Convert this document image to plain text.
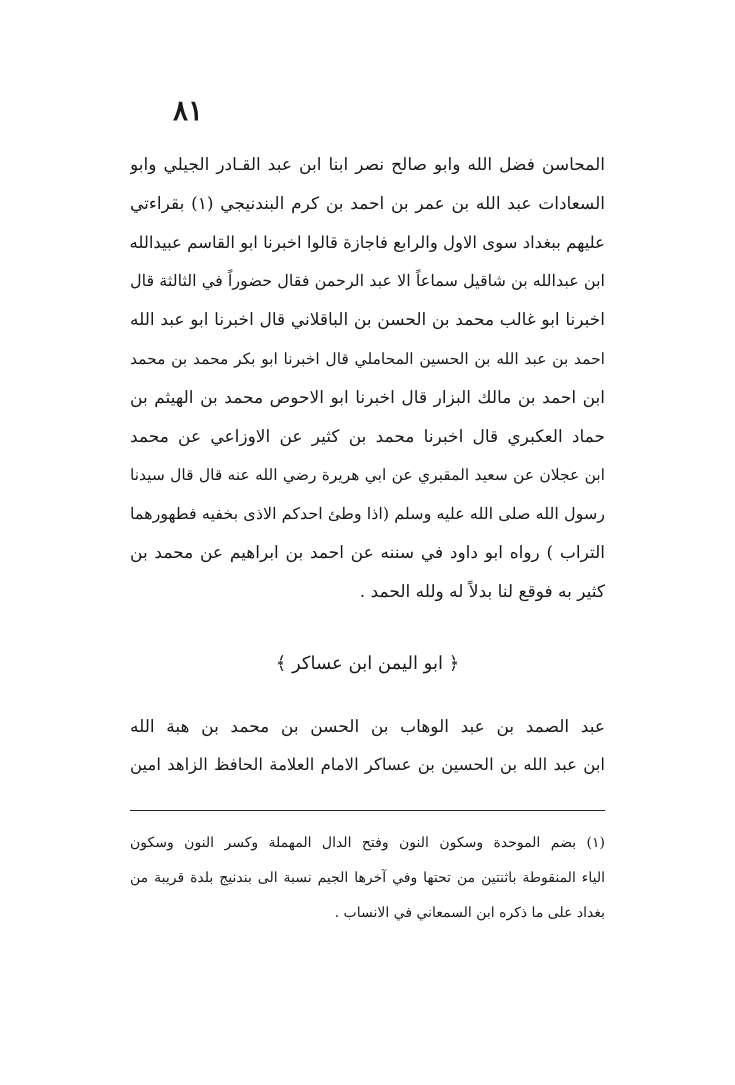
٨١
المحاسن فضل الله وابو صالح نصر ابنا ابن عبد القـادر الجيلي وابو
السعادات عبد الله بن عمر بن احمد بن كرم البندنيجي (١) بقراءتي
عليهم ببغداد سوى الاول والرابع فاجازة قالوا اخبرنا ابو القاسم عبيدالله
ابن عبدالله بن شاقيل سماعاً الا عبد الرحمن فقال حضوراً في الثالثة قال
اخبرنا ابو غالب محمد بن الحسن بن الباقلاني قال اخبرنا ابو عبد الله
احمد بن عبد الله بن الحسين المحاملي قال اخبرنا ابو بكر محمد بن محمد
ابن احمد بن مالك البزار قال اخبرنا ابو الاحوص محمد بن الهيثم بن
حماد العكبري قال اخبرنا محمد بن كثير عن الاوزاعي عن محمد
ابن عجلان عن سعيد المقبري عن ابي هريرة رضي الله عنه قال قال سيدنا
رسول الله صلى الله عليه وسلم (اذا وطئ احدكم الاذى بخفيه فطهورهما
التراب ) رواه ابو داود في سننه عن احمد بن ابراهيم عن محمد بن
كثير به فوقع لنا بدلاً له ولله الحمد .
﴿ ابو اليمن ابن عساكر ﴾
عبد الصمد بن عبد الوهاب بن الحسن بن محمد بن هبة الله
ابن عبد الله بن الحسين بن عساكر الامام العلامة الحافظ الزاهد امين
(١) بضم الموحدة وسكون النون وفتح الدال المهملة وكسر النون وسكون
الياء المنقوطة باثنتين من تحتها وفي آخرها الجيم نسبة الى بندنيج بلدة قريبة من
بغداد على ما ذكره ابن السمعاني في الانساب .
